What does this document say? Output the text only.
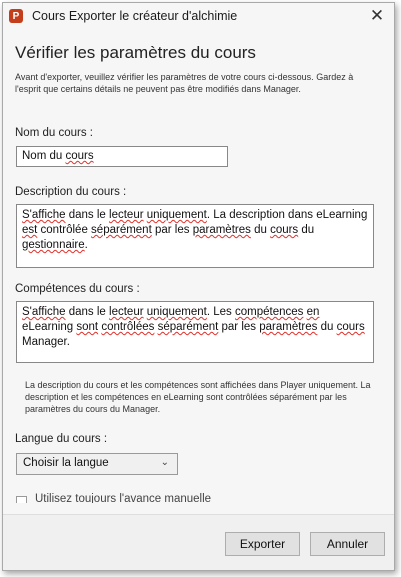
P Cours Exporter le créateur d'alchimie	✕
Vérifier les paramètres du cours
Avant d'exporter, veuillez vérifier les paramètres de votre cours ci-dessous. Gardez à l'esprit que certains détails ne peuvent pas être modifiés dans Manager.
Nom du cours :
Nom du cours
Description du cours :
S'affiche dans le lecteur uniquement. La description dans eLearning est contrôlée séparément par les paramètres du cours du gestionnaire.
Compétences du cours :
S'affiche dans le lecteur uniquement. Les compétences en eLearning sont contrôlées séparément par les paramètres du cours Manager.
La description du cours et les compétences sont affichées dans Player uniquement. La description et les compétences en eLearning sont contrôlées séparément par les paramètres du cours du Manager.
Langue du cours :
Choisir la langue	⌄
Utilisez toujours l'avance manuelle
Exporter	Annuler
